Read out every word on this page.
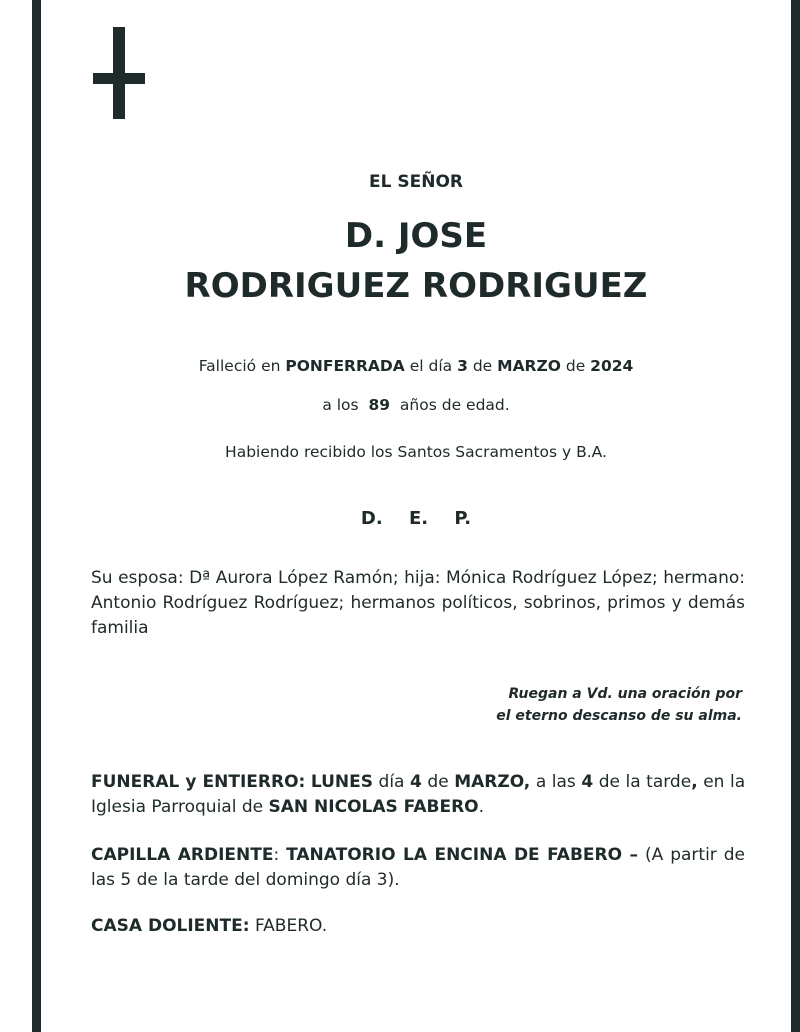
EL SEÑOR
D. JOSE
RODRIGUEZ RODRIGUEZ
Falleció en PONFERRADA el día 3 de MARZO de 2024
a los 89 años de edad.
Habiendo recibido los Santos Sacramentos y B.A.
D. E. P.
Su esposa: Dª Aurora López Ramón; hija: Mónica Rodríguez López; hermano: Antonio Rodríguez Rodríguez; hermanos políticos, sobrinos, primos y demás familia
Ruegan a Vd. una oración por
el eterno descanso de su alma.
FUNERAL y ENTIERRO: LUNES día 4 de MARZO, a las 4 de la tarde, en la Iglesia Parroquial de SAN NICOLAS FABERO.
CAPILLA ARDIENTE: TANATORIO LA ENCINA DE FABERO – (A partir de las 5 de la tarde del domingo día 3).
CASA DOLIENTE: FABERO.
